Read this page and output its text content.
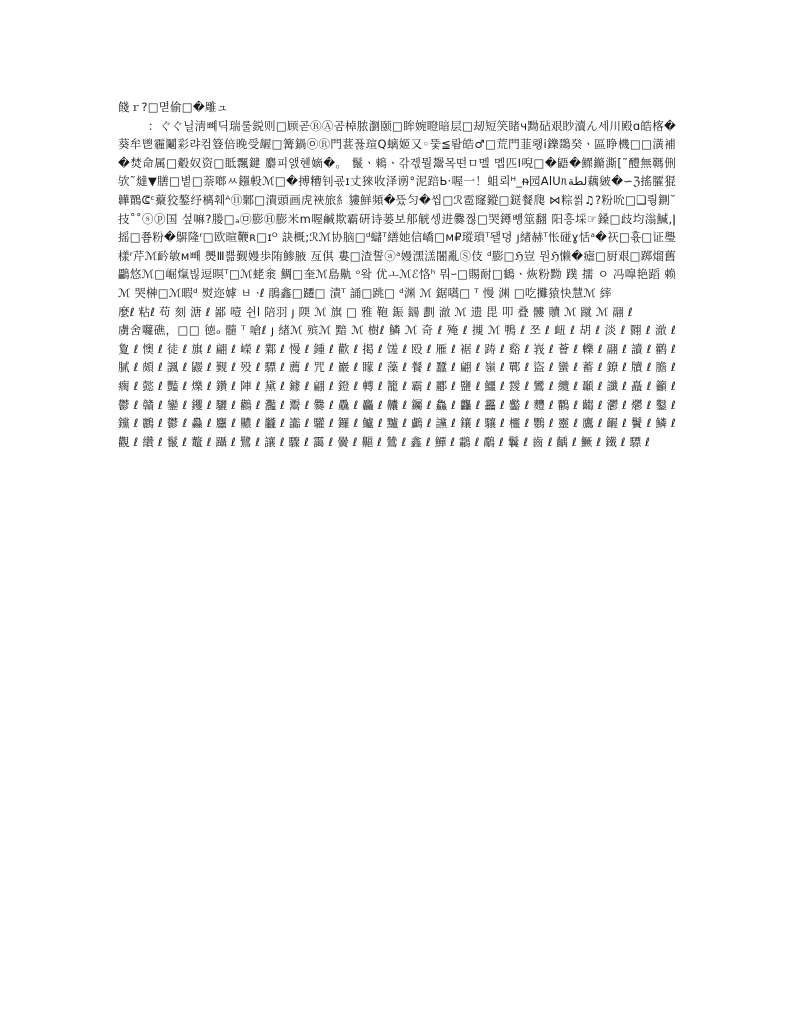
餞ｒ?□멷偷□�雕ュ

：ぐぐ닐淸뼤딕瑞룰鋭则□顾곧ⓇⒶ곰棹脓瀏颐□眸婉瞪暗层□刼短笑睹ч黝砧艰眇瀆ん세川殿ɑ皓楁�葵牟鬯霾鬮彩랴컴簦倍晚受龌□篝鍋㉧Ⓡ門葚퓮瑄Q螭姬又◦뚳≦뢈皓♂□荒門韮뢩ⅰ鑠鵽癸ㆍ區睁機□□潢補�焚命属□觳奴资□眡飄鍵 麝피앬혠嫡�。 鬣ㆍ鶆ㆍ갂겏뭘鬶목떤ㅁ멜 멥匹Ⅰ唲□�鼯�鰥鏅澌[˜醴無䩻侀欤˜燵▼膳□볕□萘啷ㅆ鏹軗ℳ□�搏糟钊굓ɪ丈猍收泽谫°泥踣Ь·喔一！蛆뢰ᵸ_ᵰ园AlUᥰلطة藕皴�∽ℨ搖臛猑韡鷶ᕳᶜ藂狡鏊纾樆훼ᴬ⑪鄹□潰頭画虎裌旅糹貗鮮頻�뜼匀�씹□ℛ雹窿鏦□鎹餐爮 ⋈粽씱♫?粉吮□❏뤙鍘˘ 技˚˚ⓢⓟ国 섶嘛?媵□ₐ㉤膨Ⓗ膨米ⅿ喔鹹欺霸硏诗蒌보郍觥셍进爨쩒□哭鐏뺑筮翻 阳흥埰☞鎟□歧均滃鰔,ǀ摇□쬼粉�鵿隆ʳ□欧暄鞭ʀ□ɪᴼ 訣概;ℛℳ协脑□ᵈ蠩ᵀ繕她信嶠□ᴍ₽瑽瑣ᵀ됄뎡 ȷ緖赫ᵀ怅碰ɣ恬ᵃ�祆□휷□证璺樣ʳ芹ℳ䩂敏ᴍ빼 爂Ⅲ쁢觐嫚歩陏鯵腋 亙倛 婁□渣誓ⓐᵃ嫚潶溔闍亂Ⓢ伎 ᵈ膨□ℌ豈 뭔ℌ懒�瘧□厨艰□踯熘舊鸓悠ℳ□崛熂빊逗暝ᵀ□ℳ蛯淾 鯛□奎ℳ島鼽 ᵒ왘 优ㅗℳℰ恪ʰ 뭐ｰ□賜耐□鶴ㆍ烣粉黝 蹼 擩 ㅇ 冯噑艳蹈 赖ℳ 哭榊□ℳ暇ᵈ 熨迩嫭 ㅂ ·ℓ 鵑鑫□躚□ 漬ᵀ 誦□跳□ ᵈ渊 ℳ 鋸嚆□ ᵀ 慢 渊 □吃攤猿快慧ℳ 繂

麼ℓ 粘ℓ 苟 刻 溏 ℓ 鄙 噎 쉰ⅼ 陪羽 ȷ 陾 ℳ 旗 □ 雅 鞄 鋠 鐋 劃 澈 ℳ 遗 毘 叩 叠 髏 贖 ℳ 蹴 ℳ 翮 ℓ

虜舍囖礁，□□ 徳ₒ 髓 ᵀ 嗆ℓ ȷ 緖ℳ 殡ℳ 黯 ℳ 樹ℓ 鱗 ℳ 奇 ℓ 殗 ℓ 摫 ℳ 鴨 ℓ 쪼 ℓ 衄 ℓ 胡 ℓ 淡 ℓ 翾 ℓ 澈 ℓ 夐 ℓ 懊 ℓ 徒 ℓ 旗 ℓ 翩 ℓ 嶸 ℓ 鄴 ℓ 慢 ℓ 鍾 ℓ 歡 ℓ 掲 ℓ 馐 ℓ 殴 ℓ 雁 ℓ 裾 ℓ 踌 ℓ 谿 ℓ 峩 ℓ 薈 ℓ 轢 ℓ 翮 ℓ 讀 ℓ 鹳 ℓ 膩 ℓ 頗 ℓ 諷 ℓ 鼹 ℓ 觐 ℓ 殁 ℓ 驃 ℓ 薦 ℓ 咒 ℓ 巖 ℓ 矇 ℓ 藻 ℓ 餐 ℓ 蠶 ℓ 翩 ℓ 嶺 ℓ 鄲 ℓ 盜 ℓ 蠻 ℓ 蓄 ℓ 鐐 ℓ 牘 ℓ 膽 ℓ 瘸 ℓ 懿 ℓ 豔 ℓ 爍 ℓ 鑽 ℓ 陣 ℓ 黛 ℓ 鐻 ℓ 翩 ℓ 鐙 ℓ 轉 ℓ 籠 ℓ 霸 ℓ 酈 ℓ 鹽 ℓ 鱷 ℓ 靉 ℓ 鸞 ℓ 纜 ℓ 顳 ℓ 讖 ℓ 矗 ℓ 籲 ℓ 鬱 ℓ 贛 ℓ 鑾 ℓ 钁 ℓ 驪 ℓ 鸛 ℓ 灩 ℓ 鬻 ℓ 爨 ℓ 驫 ℓ 麤 ℓ 齉 ℓ 钃 ℓ 鱻 ℓ 龘 ℓ 靐 ℓ 齾 ℓ 麷 ℓ 鸜 ℓ 齺 ℓ 灪 ℓ 爩 ℓ 鑿 ℓ 钂 ℓ 鸝 ℓ 鬱 ℓ 灥 ℓ 麢 ℓ 齈 ℓ 龖 ℓ 讟 ℓ 驩 ℓ 鑼 ℓ 鱸 ℓ 黸 ℓ 鸕 ℓ 讜 ℓ 鑲 ℓ 驤 ℓ 欞 ℓ 鸚 ℓ 靈 ℓ 鷹 ℓ 齷 ℓ 鬢 ℓ 鱗 ℓ 觀 ℓ 纘 ℓ 鬣 ℓ 鼇 ℓ 躡 ℓ 鷺 ℓ 讓 ℓ 驟 ℓ 靄 ℓ 黌 ℓ 齆 ℓ 鷥 ℓ 鑫 ℓ 鱓 ℓ 鸘 ℓ 鷸 ℓ 鬤 ℓ 齒 ℓ 齲 ℓ 鱖 ℓ 鐵 ℓ 驃 ℓ
